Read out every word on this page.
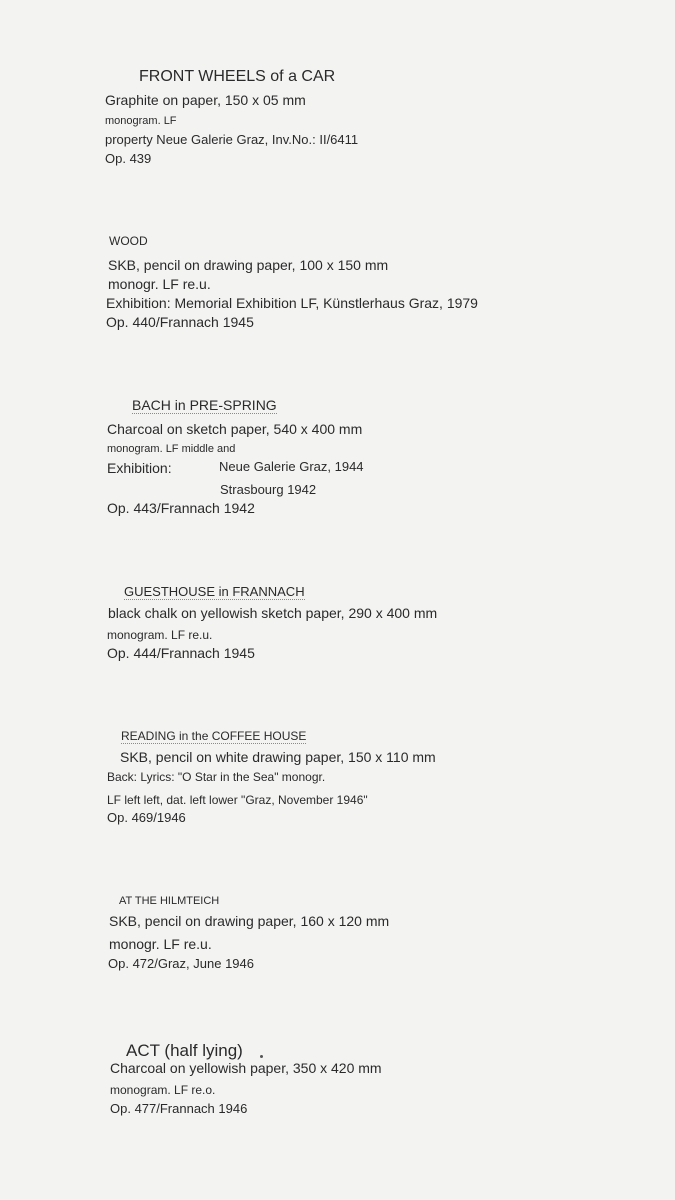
FRONT WHEELS of a CAR
Graphite on paper, 150 x 05 mm
monogram. LF
property Neue Galerie Graz, Inv.No.: II/6411
Op. 439
WOOD
SKB, pencil on drawing paper, 100 x 150 mm
monogr. LF re.u.
Exhibition: Memorial Exhibition LF, Künstlerhaus Graz, 1979
Op. 440/Frannach 1945
BACH in PRE-SPRING
Charcoal on sketch paper, 540 x 400 mm
monogram. LF middle and
Exhibition:	Neue Galerie Graz, 1944
Strasbourg 1942
Op. 443/Frannach 1942
GUESTHOUSE in FRANNACH
black chalk on yellowish sketch paper, 290 x 400 mm
monogram. LF re.u.
Op. 444/Frannach 1945
READING in the COFFEE HOUSE
SKB, pencil on white drawing paper, 150 x 110 mm
Back: Lyrics: "O Star in the Sea" monogr.
LF left left, dat. left lower "Graz, November 1946"
Op. 469/1946
AT THE HILMTEICH
SKB, pencil on drawing paper, 160 x 120 mm
monogr. LF re.u.
Op. 472/Graz, June 1946
ACT (half lying)
Charcoal on yellowish paper, 350 x 420 mm
monogram. LF re.o.
Op. 477/Frannach 1946
